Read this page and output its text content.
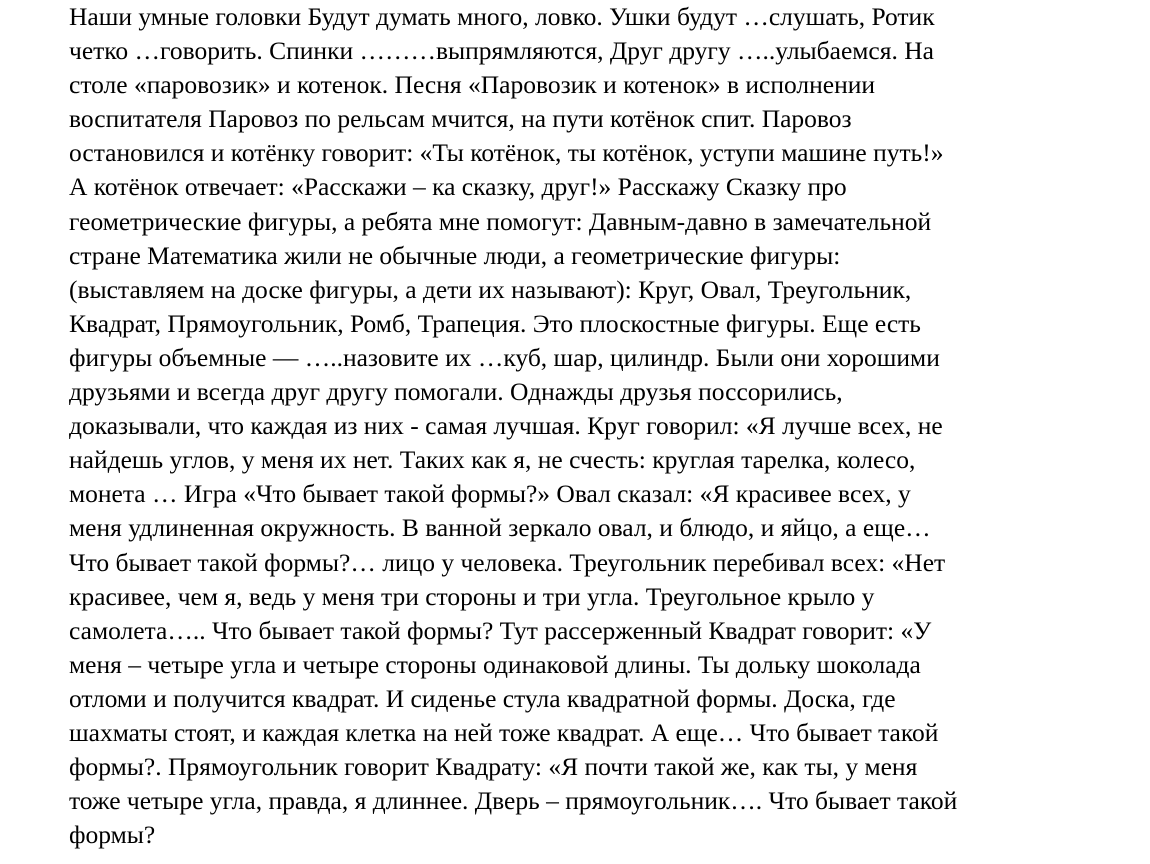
Наши умные головки Будут думать много, ловко. Ушки будут …слушать, Ротик
четко …говорить. Спинки ………выпрямляются, Друг другу …..улыбаемся. На
столе «паровозик» и котенок. Песня «Паровозик и котенок» в исполнении
воспитателя Паровоз по рельсам мчится, на пути котёнок спит. Паровоз
остановился и котёнку говорит: «Ты котёнок, ты котёнок, уступи машине путь!»
А котёнок отвечает: «Расскажи – ка сказку, друг!» Расскажу Сказку про
геометрические фигуры, а ребята мне помогут: Давным-давно в замечательной
стране Математика жили не обычные люди, а геометрические фигуры:
(выставляем на доске фигуры, а дети их называют): Круг, Овал, Треугольник,
Квадрат, Прямоугольник, Ромб, Трапеция. Это плоскостные фигуры. Еще есть
фигуры объемные — …..назовите их …куб, шар, цилиндр. Были они хорошими
друзьями и всегда друг другу помогали. Однажды друзья поссорились,
доказывали, что каждая из них - самая лучшая. Круг говорил: «Я лучше всех, не
найдешь углов, у меня их нет. Таких как я, не счесть: круглая тарелка, колесо,
монета … Игра «Что бывает такой формы?» Овал сказал: «Я красивее всех, у
меня удлиненная окружность. В ванной зеркало овал, и блюдо, и яйцо, а еще…
Что бывает такой формы?… лицо у человека. Треугольник перебивал всех: «Нет
красивее, чем я, ведь у меня три стороны и три угла. Треугольное крыло у
самолета….. Что бывает такой формы? Тут рассерженный Квадрат говорит: «У
меня – четыре угла и четыре стороны одинаковой длины. Ты дольку шоколада
отломи и получится квадрат. И сиденье стула квадратной формы. Доска, где
шахматы стоят, и каждая клетка на ней тоже квадрат. А еще… Что бывает такой
формы?. Прямоугольник говорит Квадрату: «Я почти такой же, как ты, у меня
тоже четыре угла, правда, я длиннее. Дверь – прямоугольник…. Что бывает такой
формы?
